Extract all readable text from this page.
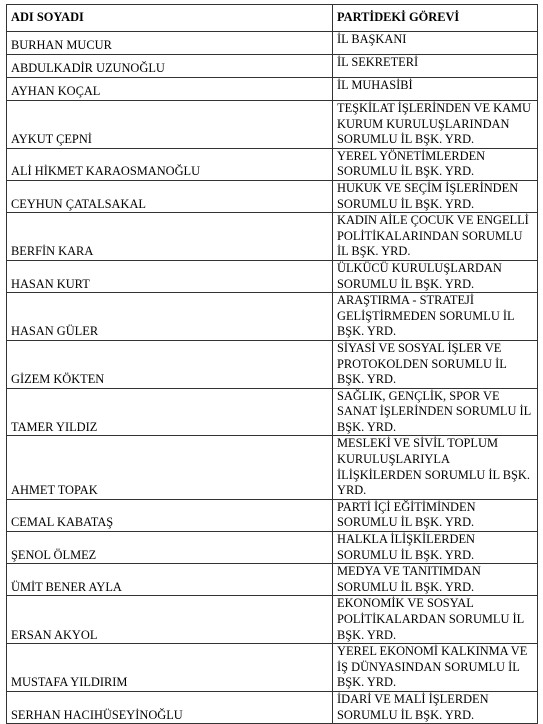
ADI SOYADI	PARTİDEKİ GÖREVİ
BURHAN MUCUR	İL BAŞKANI
ABDULKADİR UZUNOĞLU	İL SEKRETERİ
AYHAN KOÇAL	İL MUHASİBİ
AYKUT ÇEPNİ	TEŞKİLAT İŞLERİNDEN VE KAMU KURUM KURULUŞLARINDAN SORUMLU İL BŞK. YRD.
ALİ HİKMET KARAOSMANOĞLU	YEREL YÖNETİMLERDEN SORUMLU İL BŞK. YRD.
CEYHUN ÇATALSAKAL	HUKUK VE SEÇİM İŞLERİNDEN SORUMLU İL BŞK. YRD.
BERFİN KARA	KADIN AİLE ÇOCUK VE ENGELLİ POLİTİKALARINDAN SORUMLU İL BŞK. YRD.
HASAN KURT	ÜLKÜCÜ KURULUŞLARDAN SORUMLU İL BŞK. YRD.
HASAN GÜLER	ARAŞTIRMA - STRATEJİ GELİŞTİRMEDEN SORUMLU İL BŞK. YRD.
GİZEM KÖKTEN	SİYASİ VE SOSYAL İŞLER VE PROTOKOLDEN SORUMLU İL BŞK. YRD.
TAMER YILDIZ	SAĞLIK, GENÇLİK, SPOR VE SANAT İŞLERİNDEN SORUMLU İL BŞK. YRD.
AHMET TOPAK	MESLEKİ VE SİVİL TOPLUM KURULUŞLARIYLA İLİŞKİLERDEN SORUMLU İL BŞK. YRD.
CEMAL KABATAŞ	PARTİ İÇİ EĞİTİMİNDEN SORUMLU İL BŞK. YRD.
ŞENOL ÖLMEZ	HALKLA İLİŞKİLERDEN SORUMLU İL BŞK. YRD.
ÜMİT BENER AYLA	MEDYA VE TANITIMDAN SORUMLU İL BŞK. YRD.
ERSAN AKYOL	EKONOMİK VE SOSYAL POLİTİKALARDAN SORUMLU İL BŞK. YRD.
MUSTAFA YILDIRIM	YEREL EKONOMİ KALKINMA VE İŞ DÜNYASINDAN SORUMLU İL BŞK. YRD.
SERHAN HACIHÜSEYİNOĞLU	İDARİ VE MALİ İŞLERDEN SORUMLU İL BŞK. YRD.
